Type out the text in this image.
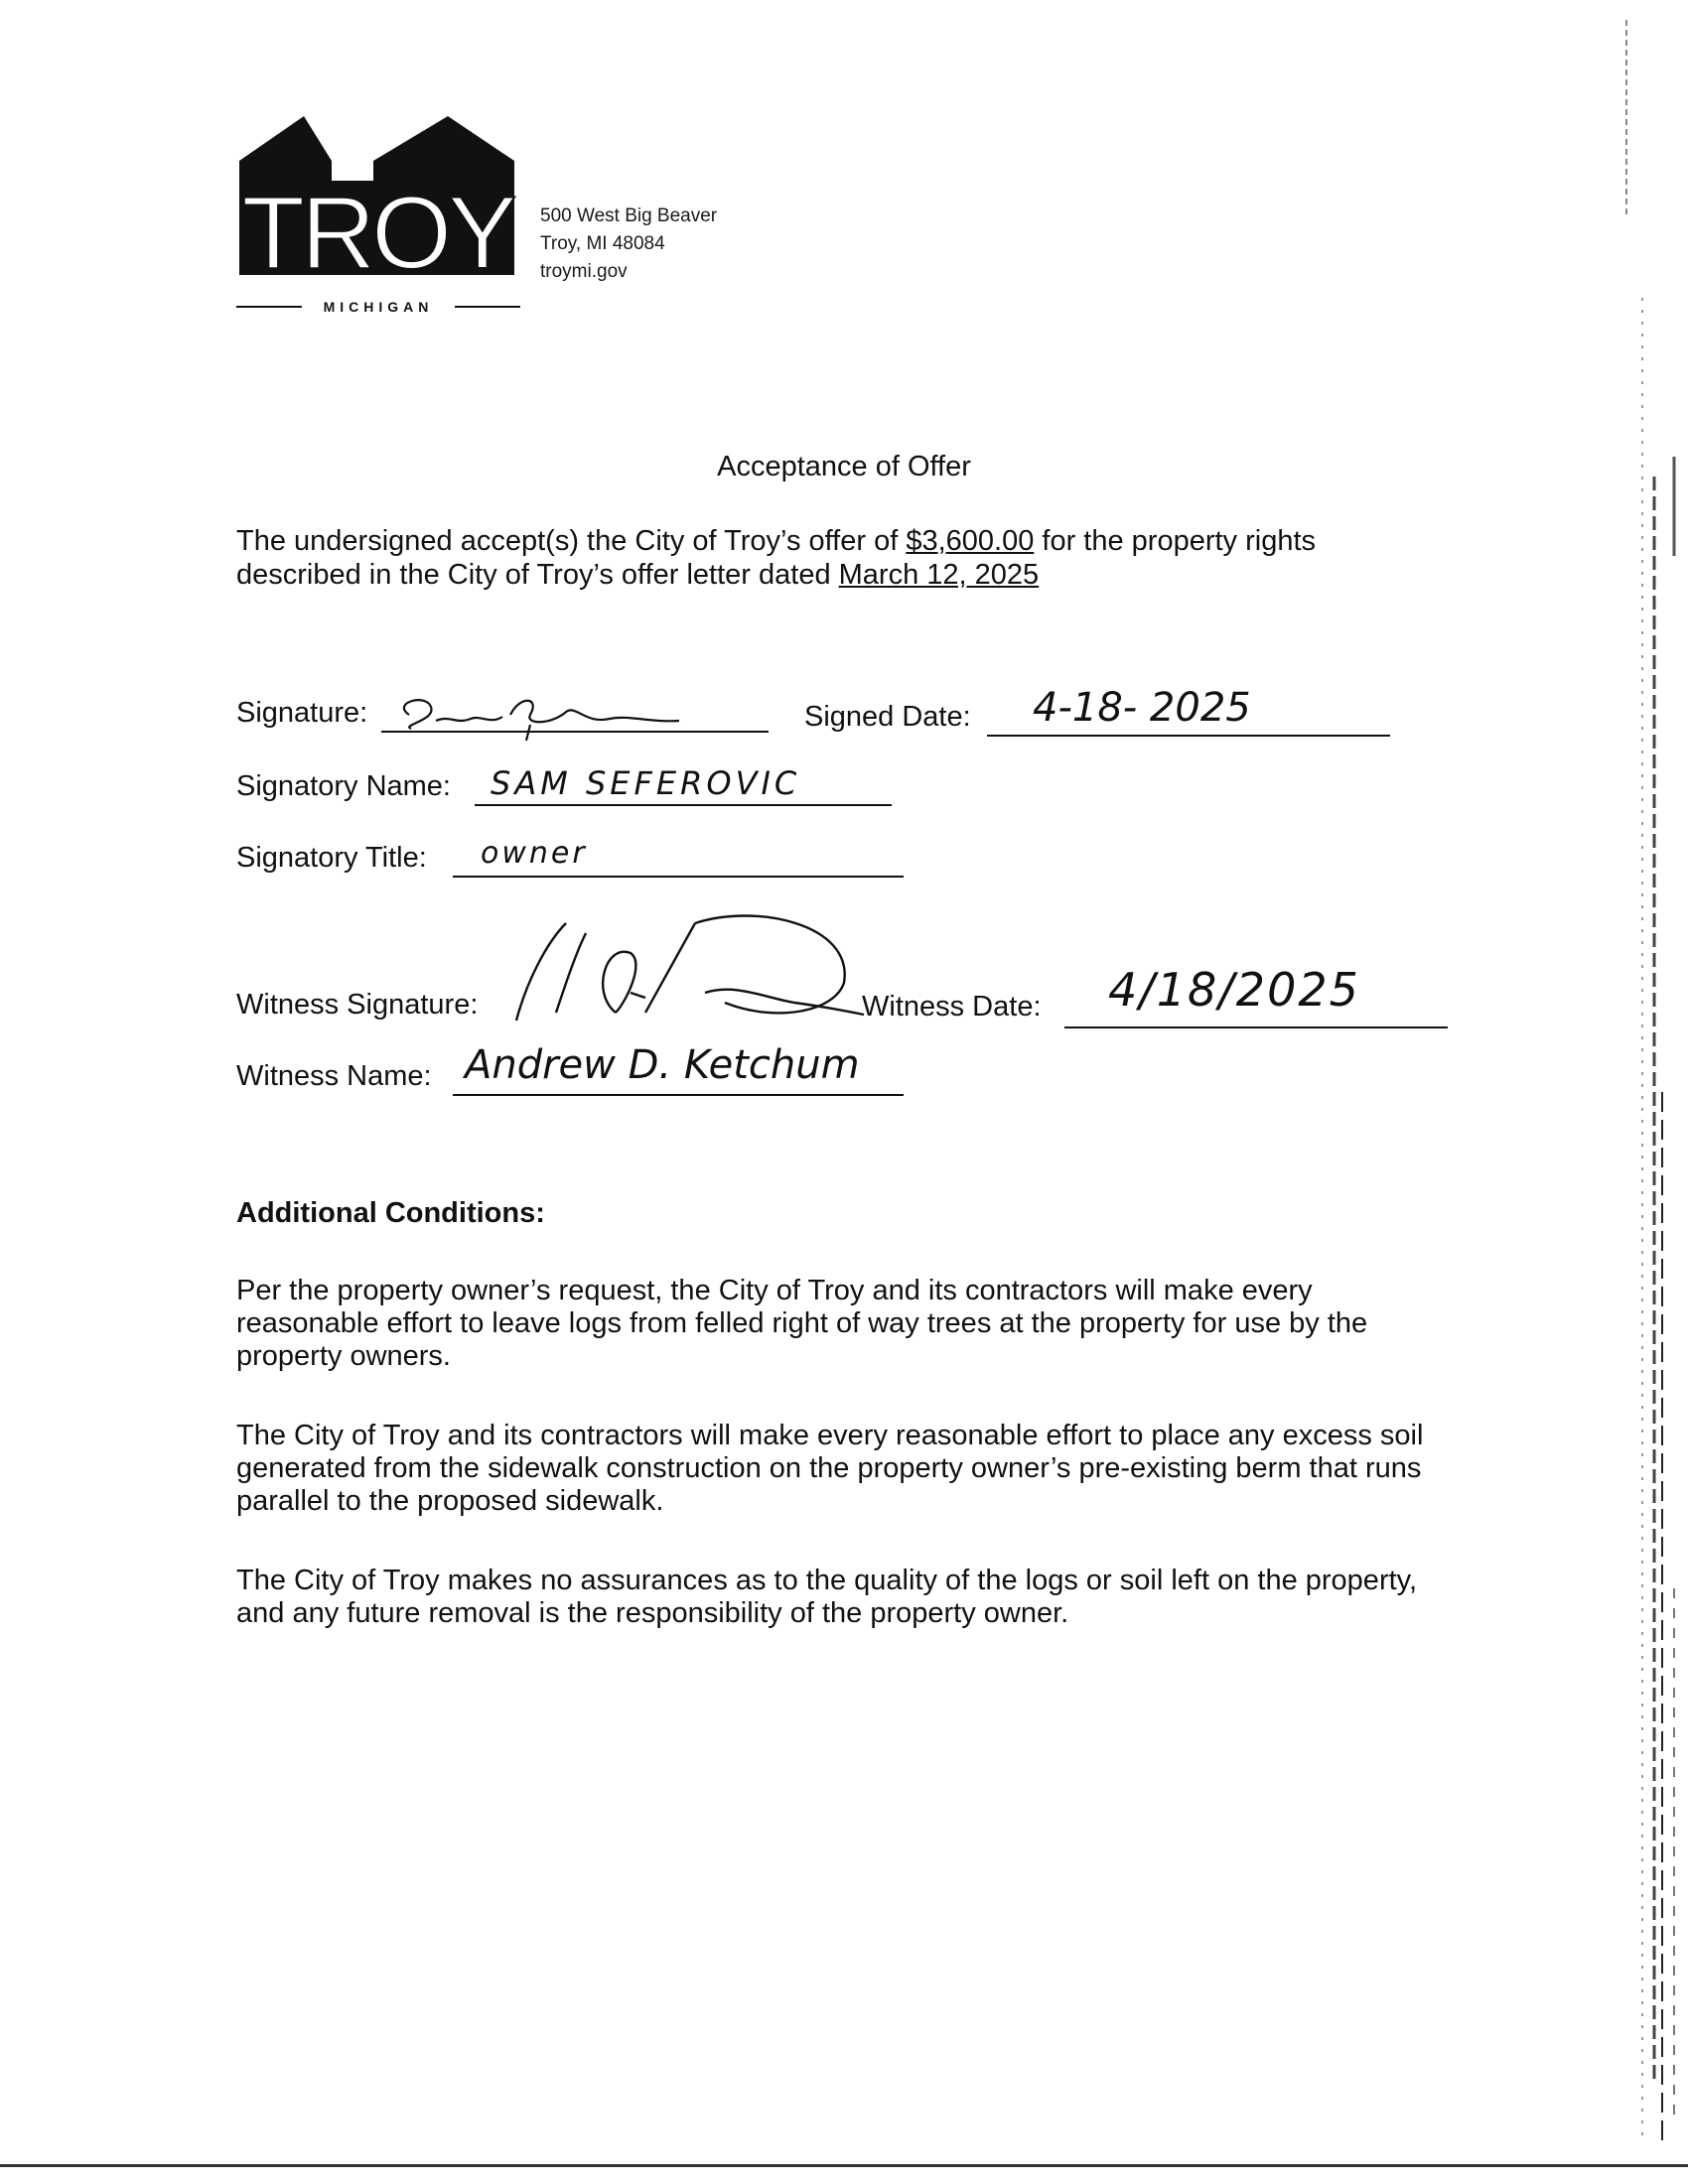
TROY
MICHIGAN
500 West Big Beaver
Troy, MI 48084
troymi.gov
Acceptance of Offer
The undersigned accept(s) the City of Troy’s offer of $3,600.00 for the property rights described in the City of Troy’s offer letter dated March 12, 2025
Signature:	Signed Date: 4-18- 2025
Signatory Name: SAM SEFEROVIC
Signatory Title: owner
Witness Signature:	Witness Date: 4/18/2025
Witness Name: Andrew D. Ketchum
Additional Conditions:
Per the property owner’s request, the City of Troy and its contractors will make every reasonable effort to leave logs from felled right of way trees at the property for use by the property owners.
The City of Troy and its contractors will make every reasonable effort to place any excess soil generated from the sidewalk construction on the property owner’s pre-existing berm that runs parallel to the proposed sidewalk.
The City of Troy makes no assurances as to the quality of the logs or soil left on the property, and any future removal is the responsibility of the property owner.
